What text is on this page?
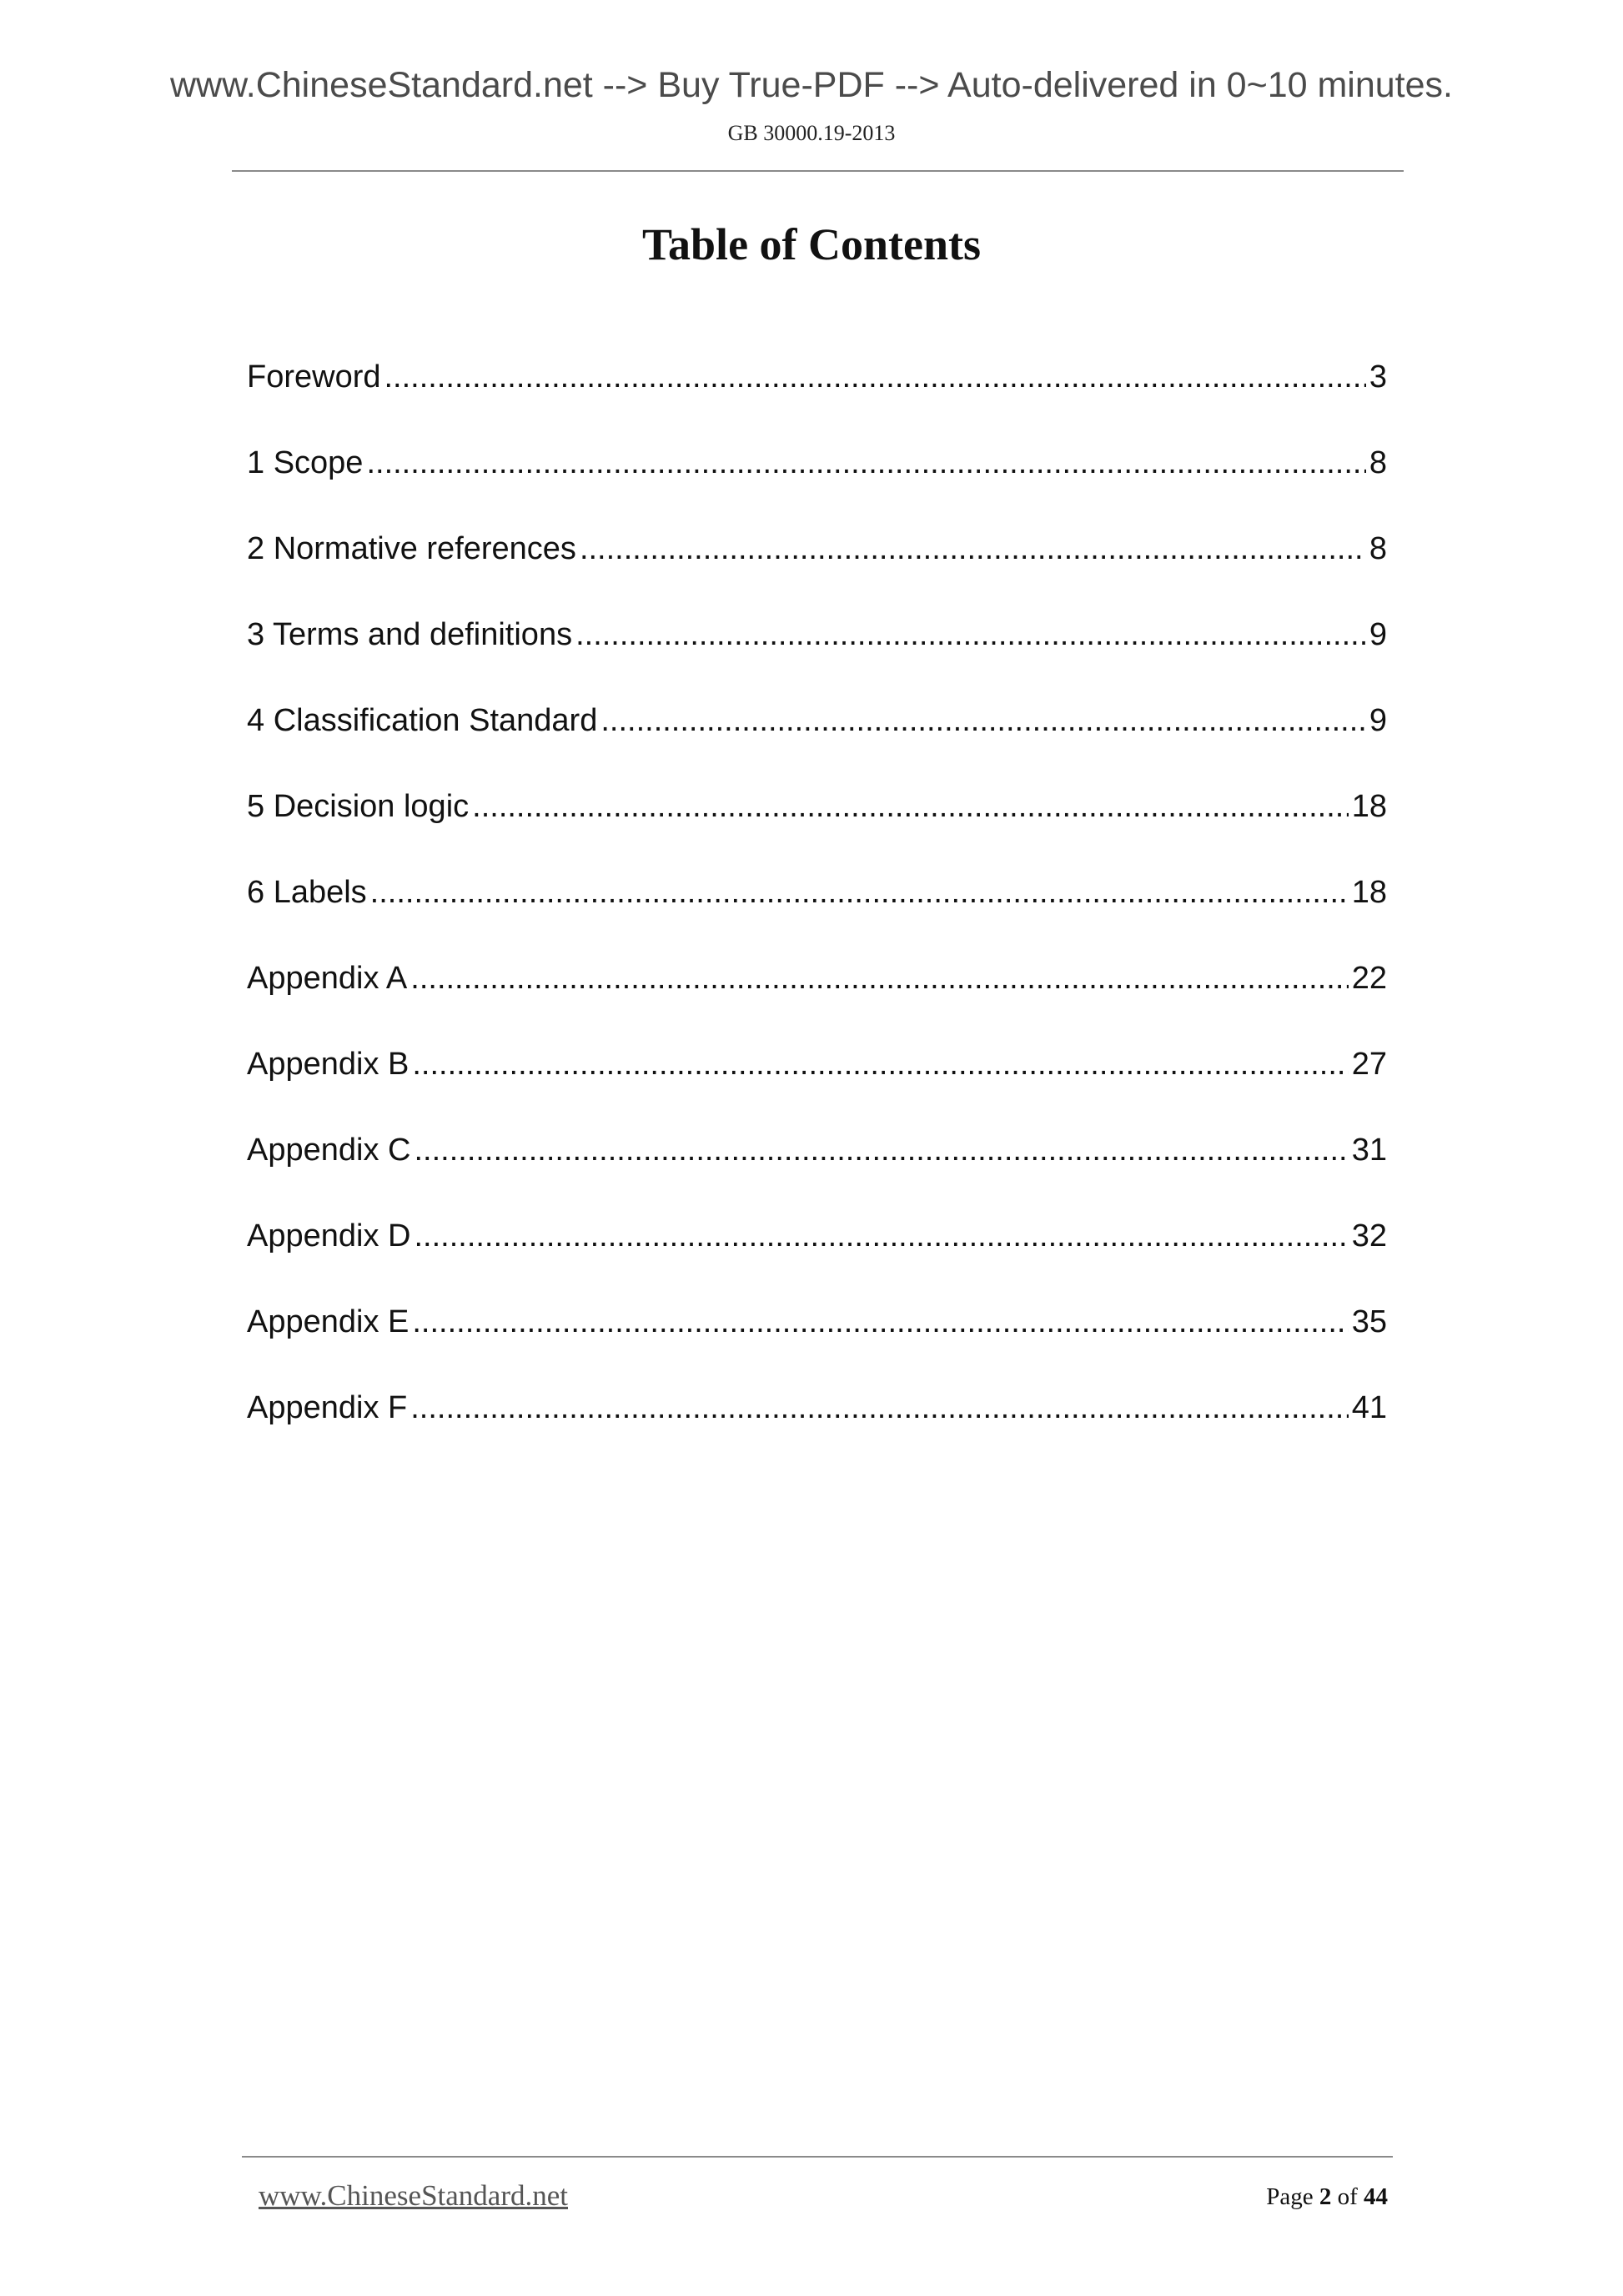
www.ChineseStandard.net --> Buy True-PDF --> Auto-delivered in 0~10 minutes.
GB 30000.19-2013
Table of Contents
Foreword .....	3
1 Scope .....	8
2 Normative references .....	8
3 Terms and definitions .....	9
4 Classification Standard .....	9
5 Decision logic .....	18
6 Labels .....	18
Appendix A .....	22
Appendix B .....	27
Appendix C .....	31
Appendix D .....	32
Appendix E .....	35
Appendix F .....	41
www.ChineseStandard.net	Page 2 of 44
